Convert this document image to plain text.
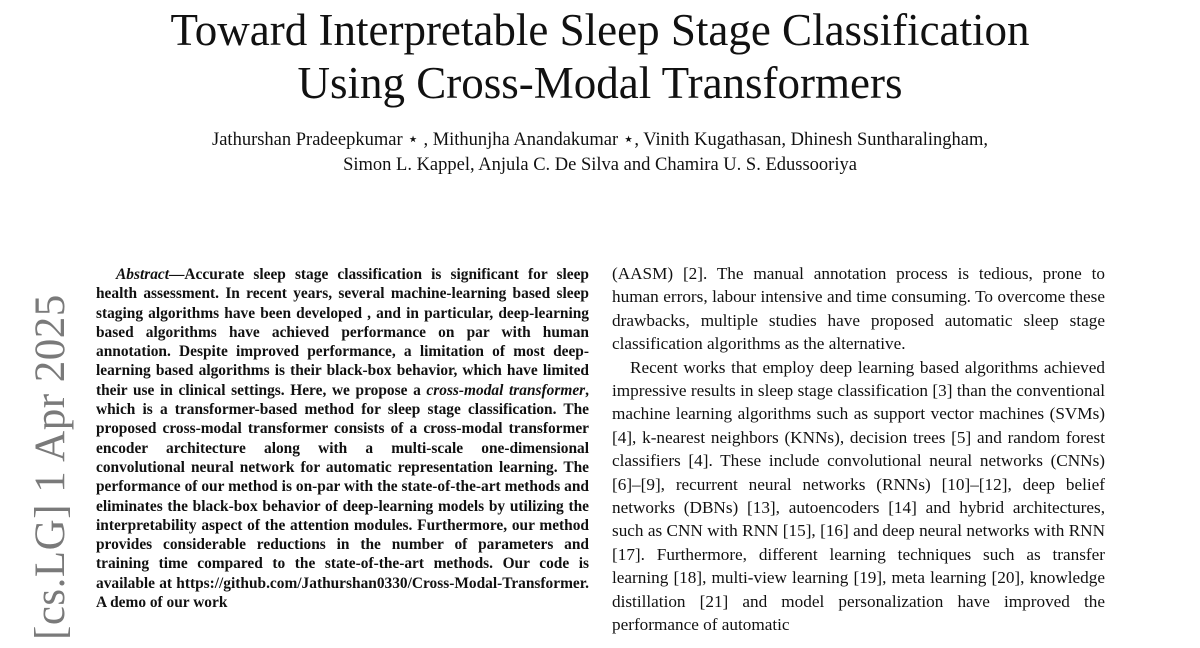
Toward Interpretable Sleep Stage Classification
Using Cross-Modal Transformers
Jathurshan Pradeepkumar ⋆ , Mithunjha Anandakumar ⋆, Vinith Kugathasan, Dhinesh Suntharalingham,
Simon L. Kappel, Anjula C. De Silva and Chamira U. S. Edussooriya
[cs.LG] 1 Apr 2025

Abstract—Accurate sleep stage classification is significant for sleep health assessment. In recent years, several machine-learning based sleep staging algorithms have been developed , and in particular, deep-learning based algorithms have achieved performance on par with human annotation. Despite improved performance, a limitation of most deep-learning based algorithms is their black-box behavior, which have limited their use in clinical settings. Here, we propose a cross-modal transformer, which is a transformer-based method for sleep stage classification. The proposed cross-modal transformer consists of a cross-modal transformer encoder architecture along with a multi-scale one-dimensional convolutional neural network for automatic representation learning. The performance of our method is on-par with the state-of-the-art methods and eliminates the black-box behavior of deep-learning models by utilizing the interpretability aspect of the attention modules. Furthermore, our method provides considerable reductions in the number of parameters and training time compared to the state-of-the-art methods. Our code is available at https://github.com/Jathurshan0330/Cross-Modal-Transformer. A demo of our work

(AASM) [2]. The manual annotation process is tedious, prone to human errors, labour intensive and time consuming. To overcome these drawbacks, multiple studies have proposed automatic sleep stage classification algorithms as the alternative.

Recent works that employ deep learning based algorithms achieved impressive results in sleep stage classification [3] than the conventional machine learning algorithms such as support vector machines (SVMs) [4], k-nearest neighbors (KNNs), decision trees [5] and random forest classifiers [4]. These include convolutional neural networks (CNNs) [6]–[9], recurrent neural networks (RNNs) [10]–[12], deep belief networks (DBNs) [13], autoencoders [14] and hybrid architectures, such as CNN with RNN [15], [16] and deep neural networks with RNN [17]. Furthermore, different learning techniques such as transfer learning [18], multi-view learning [19], meta learning [20], knowledge distillation [21] and model personalization have improved the performance of automatic
